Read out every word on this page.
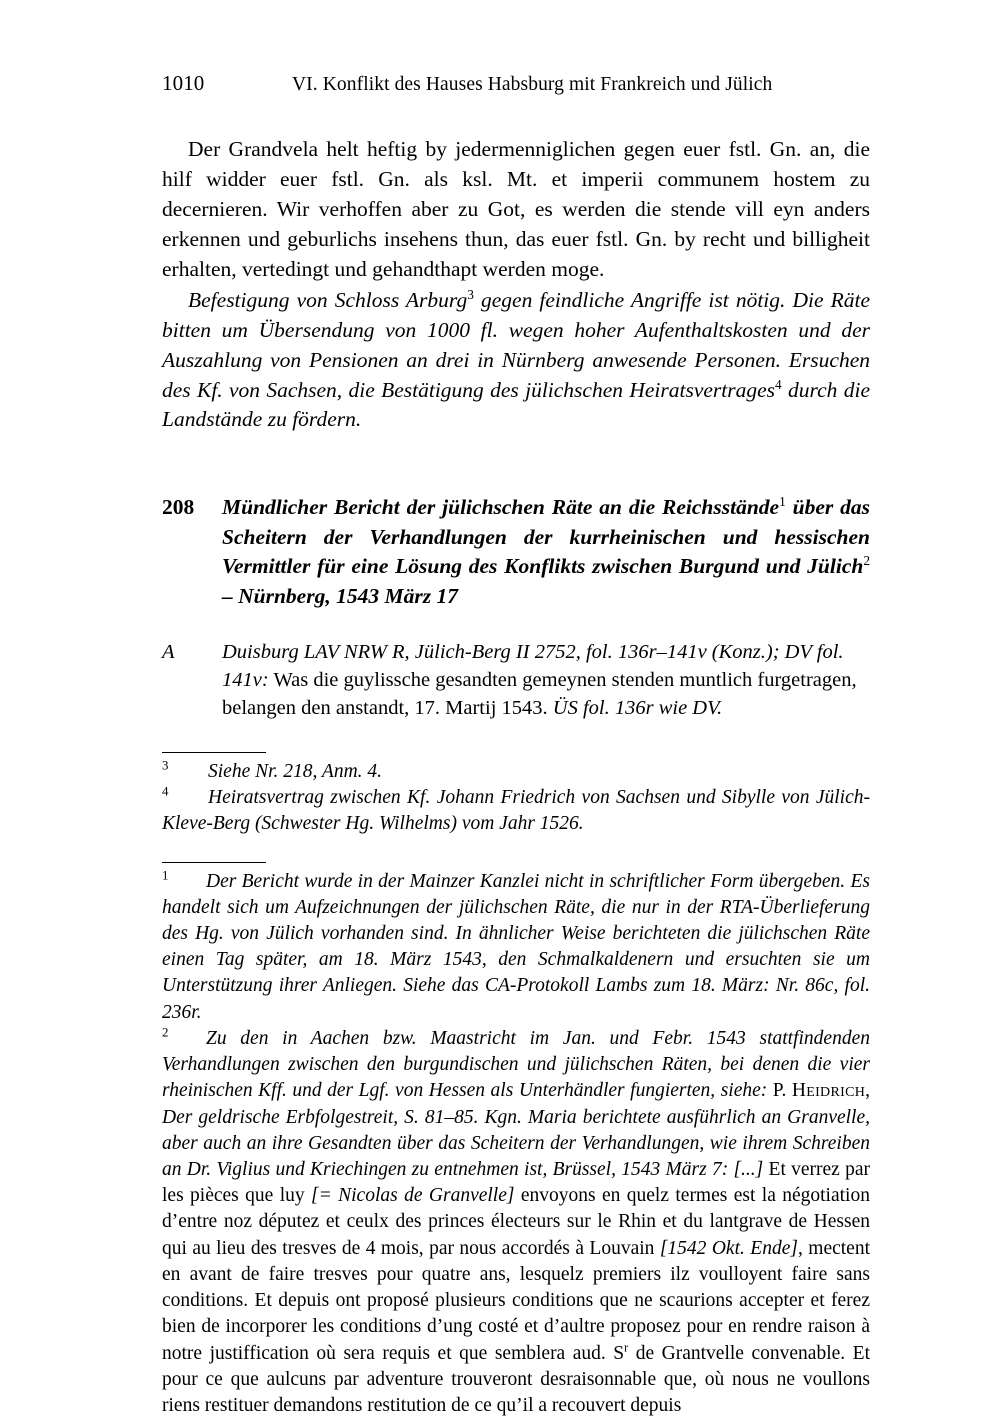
1010	VI. Konflikt des Hauses Habsburg mit Frankreich und Jülich

Der Grandvela helt heftig by jedermenniglichen gegen euer fstl. Gn. an, die hilf widder euer fstl. Gn. als ksl. Mt. et imperii communem hostem zu decernieren. Wir verhoffen aber zu Got, es werden die stende vill eyn anders erkennen und geburlichs insehens thun, das euer fstl. Gn. by recht und billigheit erhalten, vertedingt und gehandthapt werden moge.

Befestigung von Schloss Arburg$^3$ gegen feindliche Angriffe ist nötig. Die Räte bitten um Übersendung von 1000 fl. wegen hoher Aufenthaltskosten und der Auszahlung von Pensionen an drei in Nürnberg anwesende Personen. Ersuchen des Kf. von Sachsen, die Bestätigung des jülichschen Heiratsvertrages$^4$ durch die Landstände zu fördern.

208	Mündlicher Bericht der jülichschen Räte an die Reichsstände$^1$ über das Scheitern der Verhandlungen der kurrheinischen und hessischen Vermittler für eine Lösung des Konflikts zwischen Burgund und Jülich$^2$ – Nürnberg, 1543 März 17
A	Duisburg LAV NRW R, Jülich-Berg II 2752, fol. 136r–141v (Konz.); DV fol. 141v: Was die guylissche gesandten gemeynen stenden muntlich furgetragen, belangen den anstandt, 17. Martij 1543. ÜS fol. 136r wie DV.

$^3$ Siehe Nr. 218, Anm. 4.

$^4$ Heiratsvertrag zwischen Kf. Johann Friedrich von Sachsen und Sibylle von Jülich-Kleve-Berg (Schwester Hg. Wilhelms) vom Jahr 1526.

$^1$ Der Bericht wurde in der Mainzer Kanzlei nicht in schriftlicher Form übergeben. Es handelt sich um Aufzeichnungen der jülichschen Räte, die nur in der RTA-Überlieferung des Hg. von Jülich vorhanden sind. In ähnlicher Weise berichteten die jülichschen Räte einen Tag später, am 18. März 1543, den Schmalkaldenern und ersuchten sie um Unterstützung ihrer Anliegen. Siehe das CA-Protokoll Lambs zum 18. März: Nr. 86c, fol. 236r.

$^2$ Zu den in Aachen bzw. Maastricht im Jan. und Febr. 1543 stattfindenden Verhandlungen zwischen den burgundischen und jülichschen Räten, bei denen die vier rheinischen Kff. und der Lgf. von Hessen als Unterhändler fungierten, siehe: P. Heidrich, Der geldrische Erbfolgestreit, S. 81–85. Kgn. Maria berichtete ausführlich an Granvelle, aber auch an ihre Gesandten über das Scheitern der Verhandlungen, wie ihrem Schreiben an Dr. Viglius und Kriechingen zu entnehmen ist, Brüssel, 1543 März 7: [...] Et verrez par les pièces que luy [= Nicolas de Granvelle] envoyons en quelz termes est la négotiation d’entre noz députez et ceulx des princes électeurs sur le Rhin et du lantgrave de Hessen qui au lieu des tresves de 4 mois, par nous accordés à Louvain [1542 Okt. Ende], mectent en avant de faire tresves pour quatre ans, lesquelz premiers ilz voulloyent faire sans conditions. Et depuis ont proposé plusieurs conditions que ne scaurions accepter et ferez bien de incorporer les conditions d’ung costé et d’aultre proposez pour en rendre raison à notre justiffication où sera requis et que semblera aud. S$^r$ de Grantvelle convenable. Et pour ce que aulcuns par adventure trouveront desraisonnable que, où nous ne voullons riens restituer demandons restitution de ce qu’il a recouvert depuis
